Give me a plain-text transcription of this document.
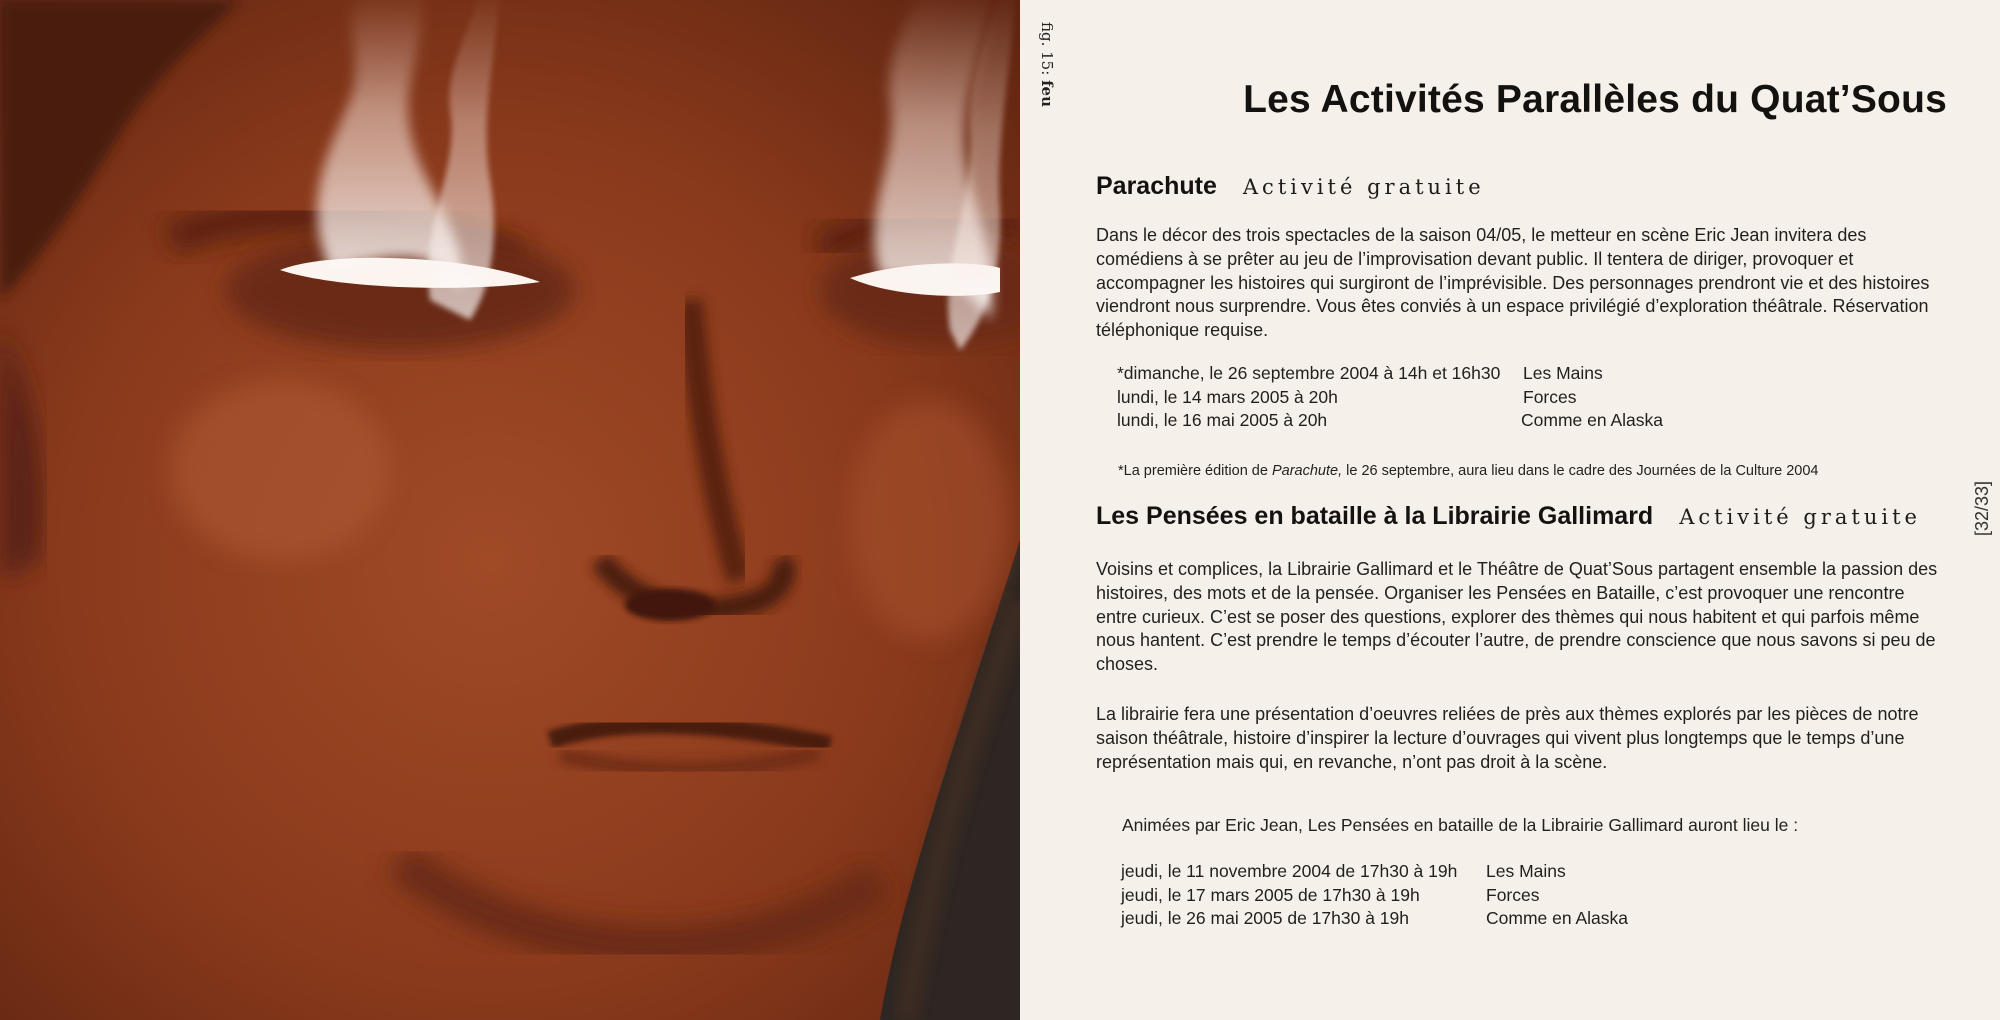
fig. 15: feu	Les Activités Parallèles du Quat’Sous
Parachute Activité gratuite

Dans le décor des trois spectacles de la saison 04/05, le metteur en scène Eric Jean invitera des comédiens à se prêter au jeu de l’improvisation devant public. Il tentera de diriger, provoquer et accompagner les histoires qui surgiront de l’imprévisible. Des personnages prendront vie et des histoires viendront nous surprendre. Vous êtes conviés à un espace privilégié d’exploration théâtrale. Réservation téléphonique requise.

*dimanche, le 26 septembre 2004 à 14h et 16h30	Les Mains
lundi, le 14 mars 2005 à 20h	Forces
lundi, le 16 mai 2005 à 20h	Comme en Alaska
*La première édition de Parachute, le 26 septembre, aura lieu dans le cadre des Journées de la Culture 2004
Les Pensées en bataille à la Librairie Gallimard Activité gratuite

Voisins et complices, la Librairie Gallimard et le Théâtre de Quat’Sous partagent ensemble la passion des histoires, des mots et de la pensée. Organiser les Pensées en Bataille, c’est provoquer une rencontre entre curieux. C’est se poser des questions, explorer des thèmes qui nous habitent et qui parfois même nous hantent. C’est prendre le temps d’écouter l’autre, de prendre conscience que nous savons si peu de choses.

La librairie fera une présentation d’oeuvres reliées de près aux thèmes explorés par les pièces de notre saison théâtrale, histoire d’inspirer la lecture d’ouvrages qui vivent plus longtemps que le temps d’une représentation mais qui, en revanche, n’ont pas droit à la scène.

Animées par Eric Jean, Les Pensées en bataille de la Librairie Gallimard auront lieu le :
jeudi, le 11 novembre 2004 de 17h30 à 19h	Les Mains
jeudi, le 17 mars 2005 de 17h30 à 19h	Forces
jeudi, le 26 mai 2005 de 17h30 à 19h	Comme en Alaska
[32/33]
